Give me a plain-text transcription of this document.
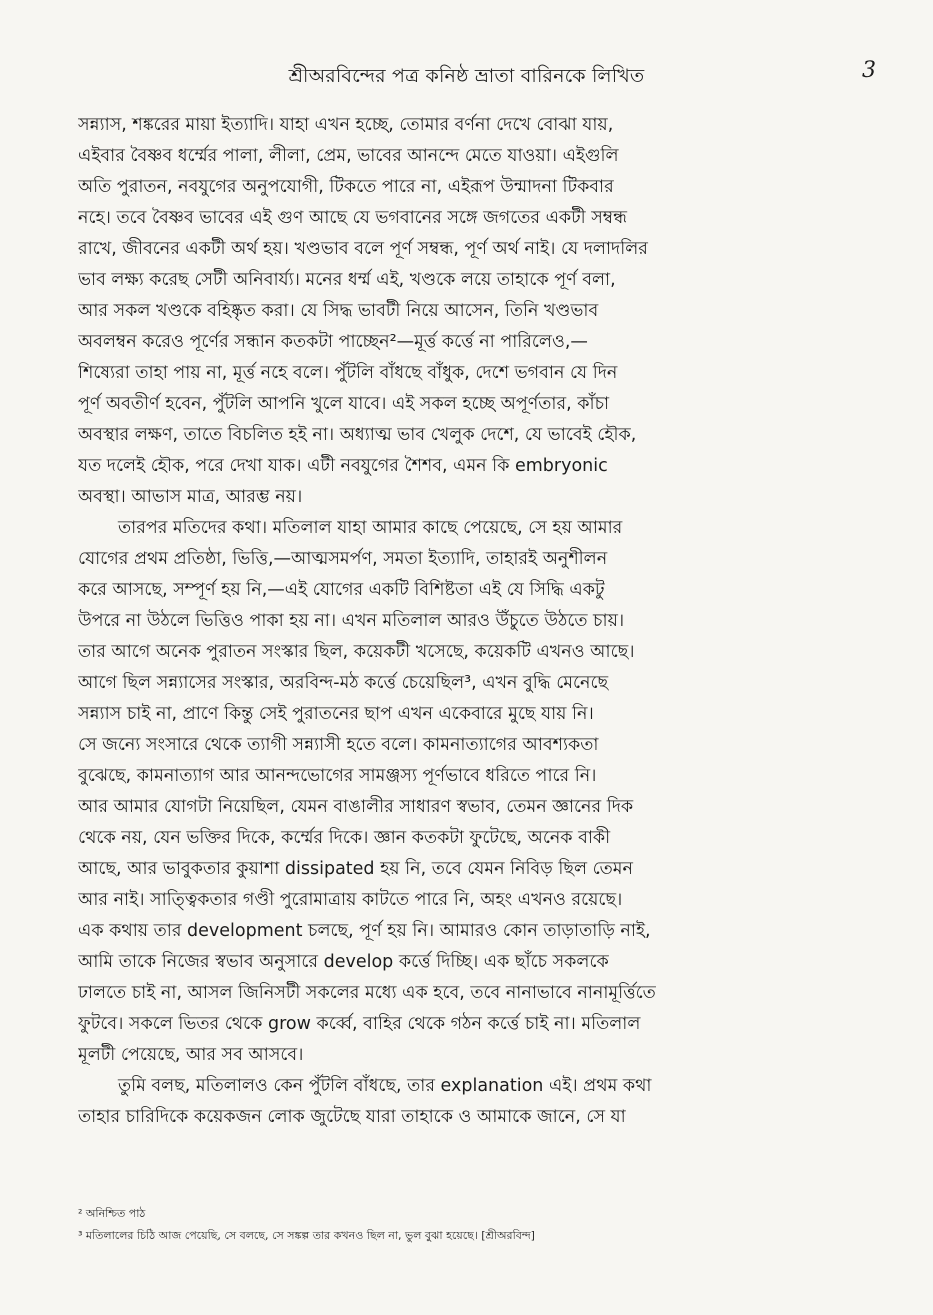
শ্রীঅরবিন্দের পত্র কনিষ্ঠ ভ্রাতা বারিনকে লিখিত	3

সন্ন্যাস, শঙ্করের মায়া ইত্যাদি। যাহা এখন হচ্ছে, তোমার বর্ণনা দেখে বোঝা যায়,
এইবার বৈষ্ণব ধর্ম্মের পালা, লীলা, প্রেম, ভাবের আনন্দে মেতে যাওয়া। এইগুলি
অতি পুরাতন, নবযুগের অনুপযোগী, টিকতে পারে না, এইরূপ উন্মাদনা টিকবার
নহে। তবে বৈষ্ণব ভাবের এই গুণ আছে যে ভগবানের সঙ্গে জগতের একটী সম্বন্ধ
রাখে, জীবনের একটী অর্থ হয়। খণ্ডভাব বলে পূর্ণ সম্বন্ধ, পূর্ণ অর্থ নাই। যে দলাদলির
ভাব লক্ষ্য করেছ সেটী অনিবার্য্য। মনের ধর্ম্ম এই, খণ্ডকে লয়ে তাহাকে পূর্ণ বলা,
আর সকল খণ্ডকে বহিষ্কৃত করা। যে সিদ্ধ ভাবটী নিয়ে আসেন, তিনি খণ্ডভাব
অবলম্বন করেও পূর্ণের সন্ধান কতকটা পাচ্ছেন²—মূর্ত্ত কর্ত্তে না পারিলেও,—
শিষ্যেরা তাহা পায় না, মূর্ত্ত নহে বলে। পুঁটলি বাঁধছে বাঁধুক, দেশে ভগবান যে দিন
পূর্ণ অবতীর্ণ হবেন, পুঁটলি আপনি খুলে যাবে। এই সকল হচ্ছে অপূর্ণতার, কাঁচা
অবস্থার লক্ষণ, তাতে বিচলিত হই না। অধ্যাত্ম ভাব খেলুক দেশে, যে ভাবেই হৌক,
যত দলেই হৌক, পরে দেখা যাক। এটী নবযুগের শৈশব, এমন কি embryonic
অবস্থা। আভাস মাত্র, আরম্ভ নয়।

তারপর মতিদের কথা। মতিলাল যাহা আমার কাছে পেয়েছে, সে হয় আমার
যোগের প্রথম প্রতিষ্ঠা, ভিত্তি,—আত্মসমর্পণ, সমতা ইত্যাদি, তাহারই অনুশীলন
করে আসছে, সম্পূর্ণ হয় নি,—এই যোগের একটি বিশিষ্টতা এই যে সিদ্ধি একটু
উপরে না উঠলে ভিত্তিও পাকা হয় না। এখন মতিলাল আরও উঁচুতে উঠতে চায়।
তার আগে অনেক পুরাতন সংস্কার ছিল, কয়েকটী খসেছে, কয়েকটি এখনও আছে।
আগে ছিল সন্ন্যাসের সংস্কার, অরবিন্দ-মঠ কর্ত্তে চেয়েছিল³, এখন বুদ্ধি মেনেছে
সন্ন্যাস চাই না, প্রাণে কিন্তু সেই পুরাতনের ছাপ এখন একেবারে মুছে যায় নি।
সে জন্যে সংসারে থেকে ত্যাগী সন্ন্যাসী হতে বলে। কামনাত্যাগের আবশ্যকতা
বুঝেছে, কামনাত্যাগ আর আনন্দভোগের সামঞ্জস্য পূর্ণভাবে ধরিতে পারে নি।
আর আমার যোগটা নিয়েছিল, যেমন বাঙালীর সাধারণ স্বভাব, তেমন জ্ঞানের দিক
থেকে নয়, যেন ভক্তির দিকে, কর্ম্মের দিকে। জ্ঞান কতকটা ফুটেছে, অনেক বাকী
আছে, আর ভাবুকতার কুয়াশা dissipated হয় নি, তবে যেমন নিবিড় ছিল তেমন
আর নাই। সাত্ত্বিকতার গণ্ডী পুরোমাত্রায় কাটতে পারে নি, অহং এখনও রয়েছে।
এক কথায় তার development চলছে, পূর্ণ হয় নি। আমারও কোন তাড়াতাড়ি নাই,
আমি তাকে নিজের স্বভাব অনুসারে develop কর্ত্তে দিচ্ছি। এক ছাঁচে সকলকে
ঢালতে চাই না, আসল জিনিসটী সকলের মধ্যে এক হবে, তবে নানাভাবে নানামূর্ত্তিতে
ফুটবে। সকলে ভিতর থেকে grow কর্ব্বে, বাহির থেকে গঠন কর্ত্তে চাই না। মতিলাল
মূলটী পেয়েছে, আর সব আসবে।

তুমি বলছ, মতিলালও কেন পুঁটলি বাঁধছে, তার explanation এই। প্রথম কথা
তাহার চারিদিকে কয়েকজন লোক জুটেছে যারা তাহাকে ও আমাকে জানে, সে যা

² অনিশ্চিত পাঠ
³ মতিলালের চিঠি আজ পেয়েছি, সে বলছে, সে সঙ্কল্প তার কখনও ছিল না, ভুল বুঝা হয়েছে। [শ্রীঅরবিন্দ]
